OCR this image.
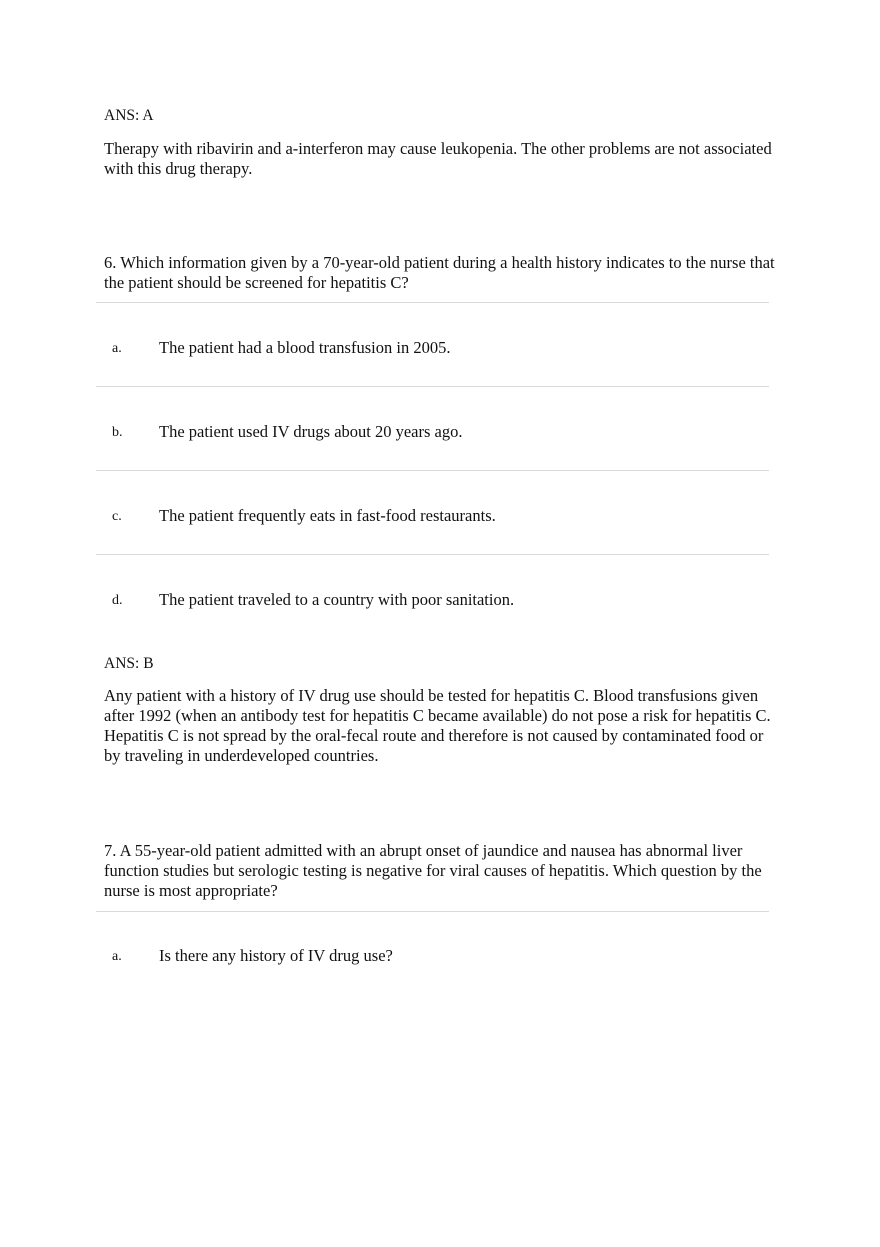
ANS: A

Therapy with ribavirin and a-interferon may cause leukopenia. The other problems are not associated with this drug therapy.

6. Which information given by a 70-year-old patient during a health history indicates to the nurse that the patient should be screened for hepatitis C?

a. The patient had a blood transfusion in 2005.
b. The patient used IV drugs about 20 years ago.
c. The patient frequently eats in fast-food restaurants.
d. The patient traveled to a country with poor sanitation.

ANS: B

Any patient with a history of IV drug use should be tested for hepatitis C. Blood transfusions given after 1992 (when an antibody test for hepatitis C became available) do not pose a risk for hepatitis C. Hepatitis C is not spread by the oral-fecal route and therefore is not caused by contaminated food or by traveling in underdeveloped countries.

7. A 55-year-old patient admitted with an abrupt onset of jaundice and nausea has abnormal liver function studies but serologic testing is negative for viral causes of hepatitis. Which question by the nurse is most appropriate?

a. Is there any history of IV drug use?
